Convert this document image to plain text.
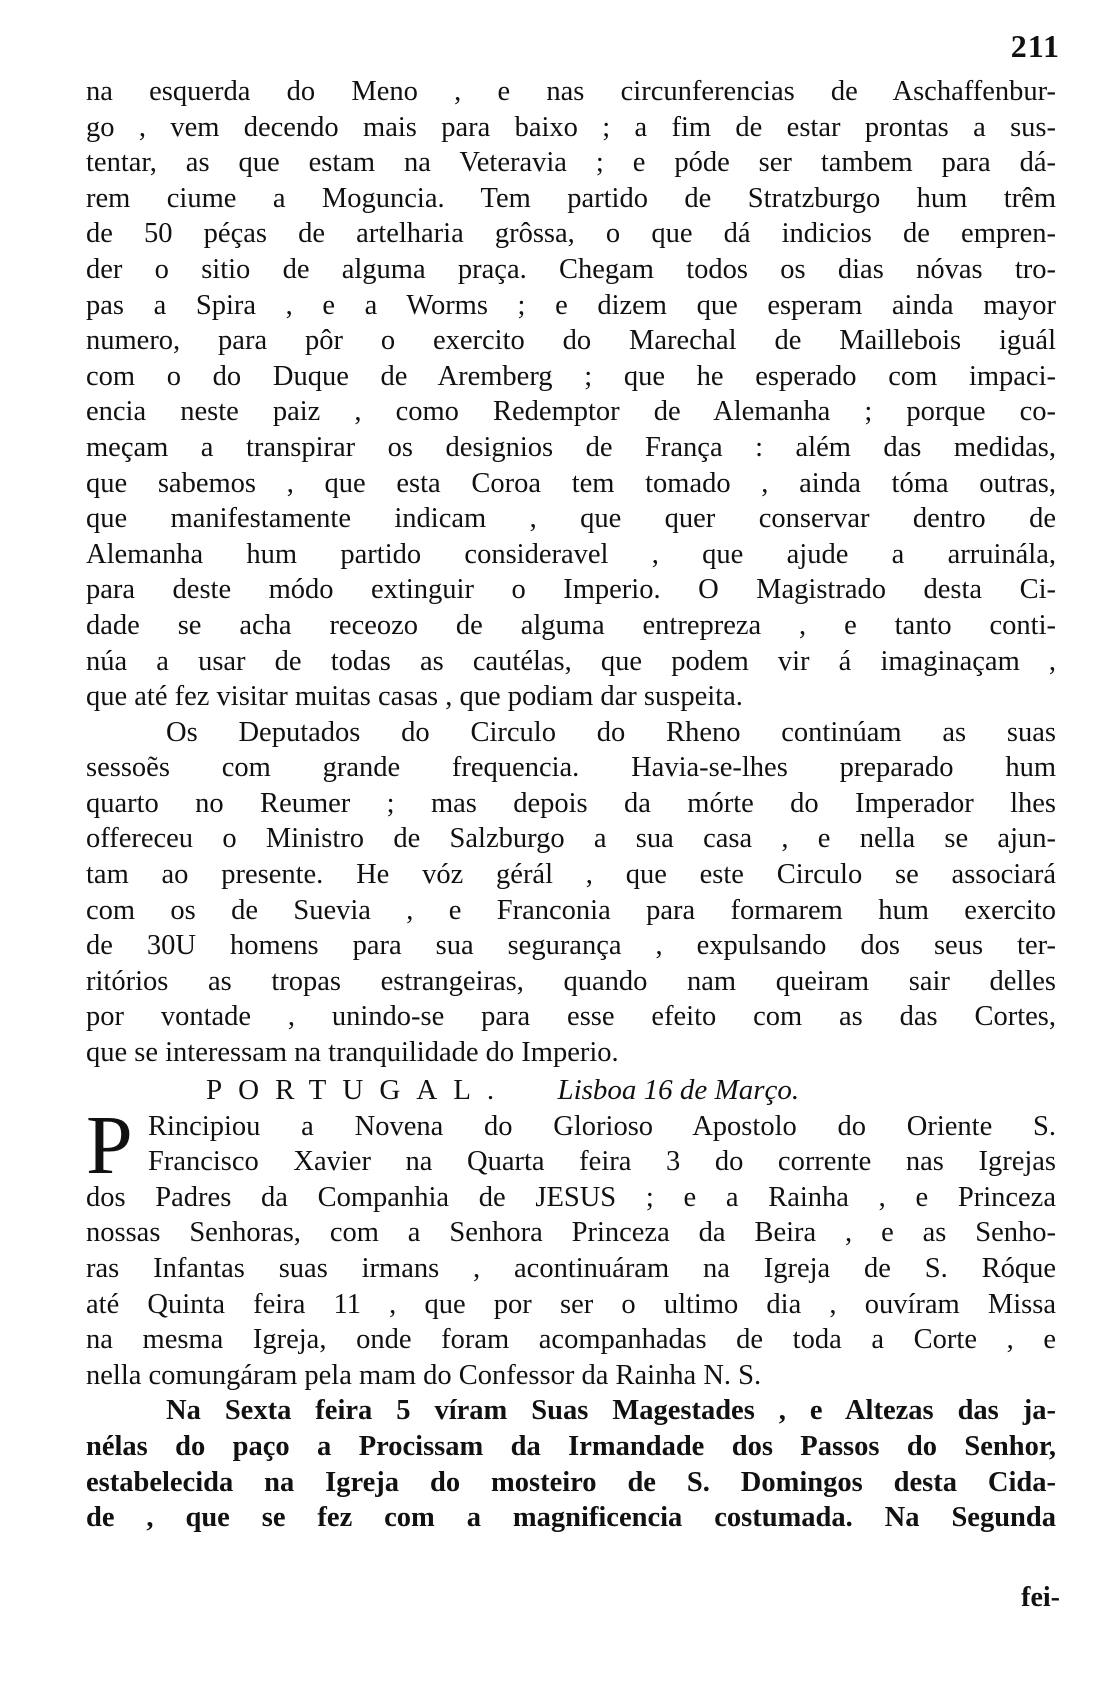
211
na esquerda do Meno , e nas circunferencias de Aschaffenbur-
go , vem decendo mais para baixo ; a fim de estar prontas a sus-
tentar, as que estam na Veteravia ; e póde ser tambem para dá-
rem ciume a Moguncia. Tem partido de Stratzburgo hum trêm
de 50 péças de artelharia grôssa, o que dá indicios de empren-
der o sitio de alguma praça. Chegam todos os dias nóvas tro-
pas a Spira , e a Worms ; e dizem que esperam ainda mayor
numero, para pôr o exercito do Marechal de Maillebois iguál
com o do Duque de Aremberg ; que he esperado com impaci-
encia neste paiz , como Redemptor de Alemanha ; porque co-
meçam a transpirar os designios de França : além das medidas,
que sabemos , que esta Coroa tem tomado , ainda tóma outras,
que manifestamente indicam , que quer conservar dentro de
Alemanha hum partido consideravel , que ajude a arruinála,
para deste módo extinguir o Imperio. O Magistrado desta Ci-
dade se acha receozo de alguma entrepreza , e tanto conti-
núa a usar de todas as cautélas, que podem vir á imaginaçam ,
que até fez visitar muitas casas , que podiam dar suspeita.
Os Deputados do Circulo do Rheno continúam as suas
sessoẽs com grande frequencia. Havia-se-lhes preparado hum
quarto no Reumer ; mas depois da mórte do Imperador lhes
offereceu o Ministro de Salzburgo a sua casa , e nella se ajun-
tam ao presente. He vóz gérál , que este Circulo se associará
com os de Suevia , e Franconia para formarem hum exercito
de 30U homens para sua segurança , expulsando dos seus ter-
ritórios as tropas estrangeiras, quando nam queiram sair delles
por vontade , unindo-se para esse efeito com as das Cortes,
que se interessam na tranquilidade do Imperio.
PORTUGAL. Lisboa 16 de Março.
P Rincipiou a Novena do Glorioso Apostolo do Oriente S.
Francisco Xavier na Quarta feira 3 do corrente nas Igrejas
dos Padres da Companhia de JESUS ; e a Rainha , e Princeza
nossas Senhoras, com a Senhora Princeza da Beira , e as Senho-
ras Infantas suas irmans , acontinuáram na Igreja de S. Róque
até Quinta feira 11 , que por ser o ultimo dia , ouvíram Missa
na mesma Igreja, onde foram acompanhadas de toda a Corte , e
nella comungáram pela mam do Confessor da Rainha N. S.
Na Sexta feira 5 víram Suas Magestades , e Altezas das ja-
nélas do paço a Procissam da Irmandade dos Passos do Senhor,
estabelecida na Igreja do mosteiro de S. Domingos desta Cida-
de , que se fez com a magnificencia costumada. Na Segunda
fei-
